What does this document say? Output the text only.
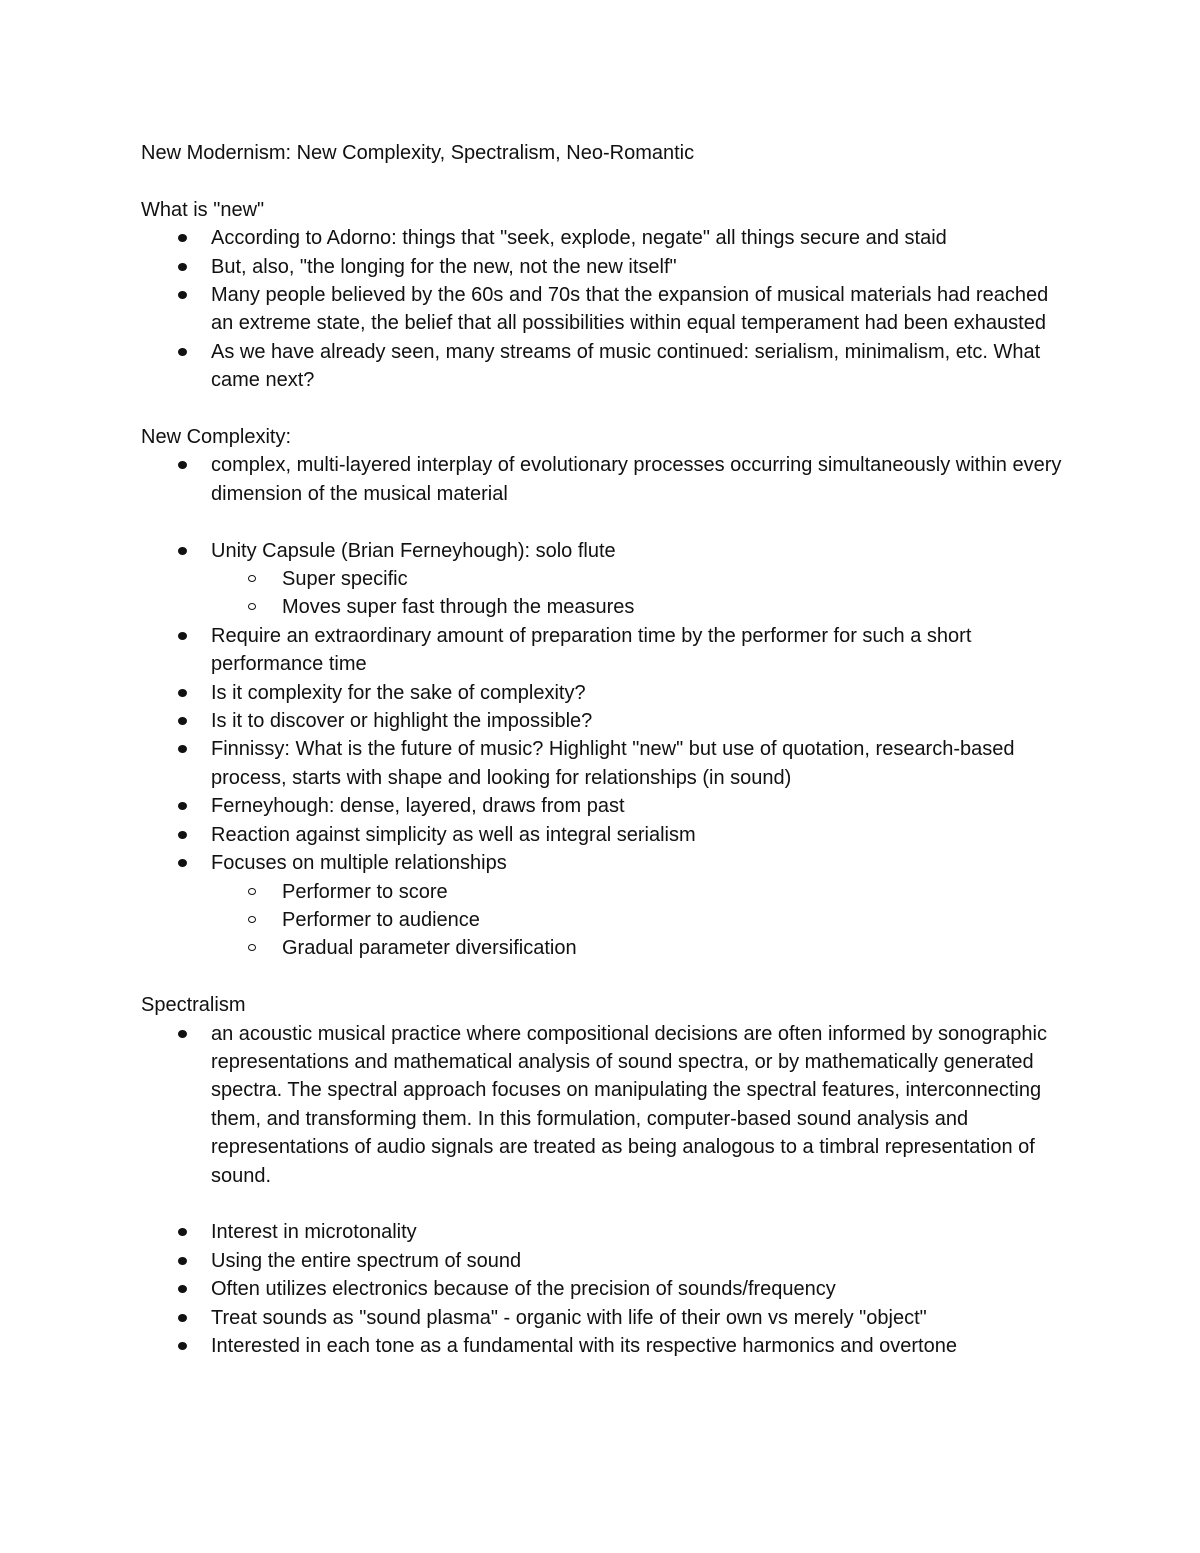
New Modernism: New Complexity, Spectralism, Neo-Romantic

What is "new"

According to Adorno: things that "seek, explode, negate" all things secure and staid
But, also, "the longing for the new, not the new itself"
Many people believed by the 60s and 70s that the expansion of musical materials had reached an extreme state, the belief that all possibilities within equal temperament had been exhausted
As we have already seen, many streams of music continued: serialism, minimalism, etc. What came next?

New Complexity:

complex, multi-layered interplay of evolutionary processes occurring simultaneously within every dimension of the musical material
Unity Capsule (Brian Ferneyhough): solo flute
Super specific
Moves super fast through the measures
Require an extraordinary amount of preparation time by the performer for such a short performance time
Is it complexity for the sake of complexity?
Is it to discover or highlight the impossible?
Finnissy: What is the future of music? Highlight "new" but use of quotation, research-based process, starts with shape and looking for relationships (in sound)
Ferneyhough: dense, layered, draws from past
Reaction against simplicity as well as integral serialism
Focuses on multiple relationships
Performer to score
Performer to audience
Gradual parameter diversification

Spectralism

an acoustic musical practice where compositional decisions are often informed by sonographic representations and mathematical analysis of sound spectra, or by mathematically generated spectra. The spectral approach focuses on manipulating the spectral features, interconnecting them, and transforming them. In this formulation, computer-based sound analysis and representations of audio signals are treated as being analogous to a timbral representation of sound.
Interest in microtonality
Using the entire spectrum of sound
Often utilizes electronics because of the precision of sounds/frequency
Treat sounds as "sound plasma" - organic with life of their own vs merely "object"
Interested in each tone as a fundamental with its respective harmonics and overtone
